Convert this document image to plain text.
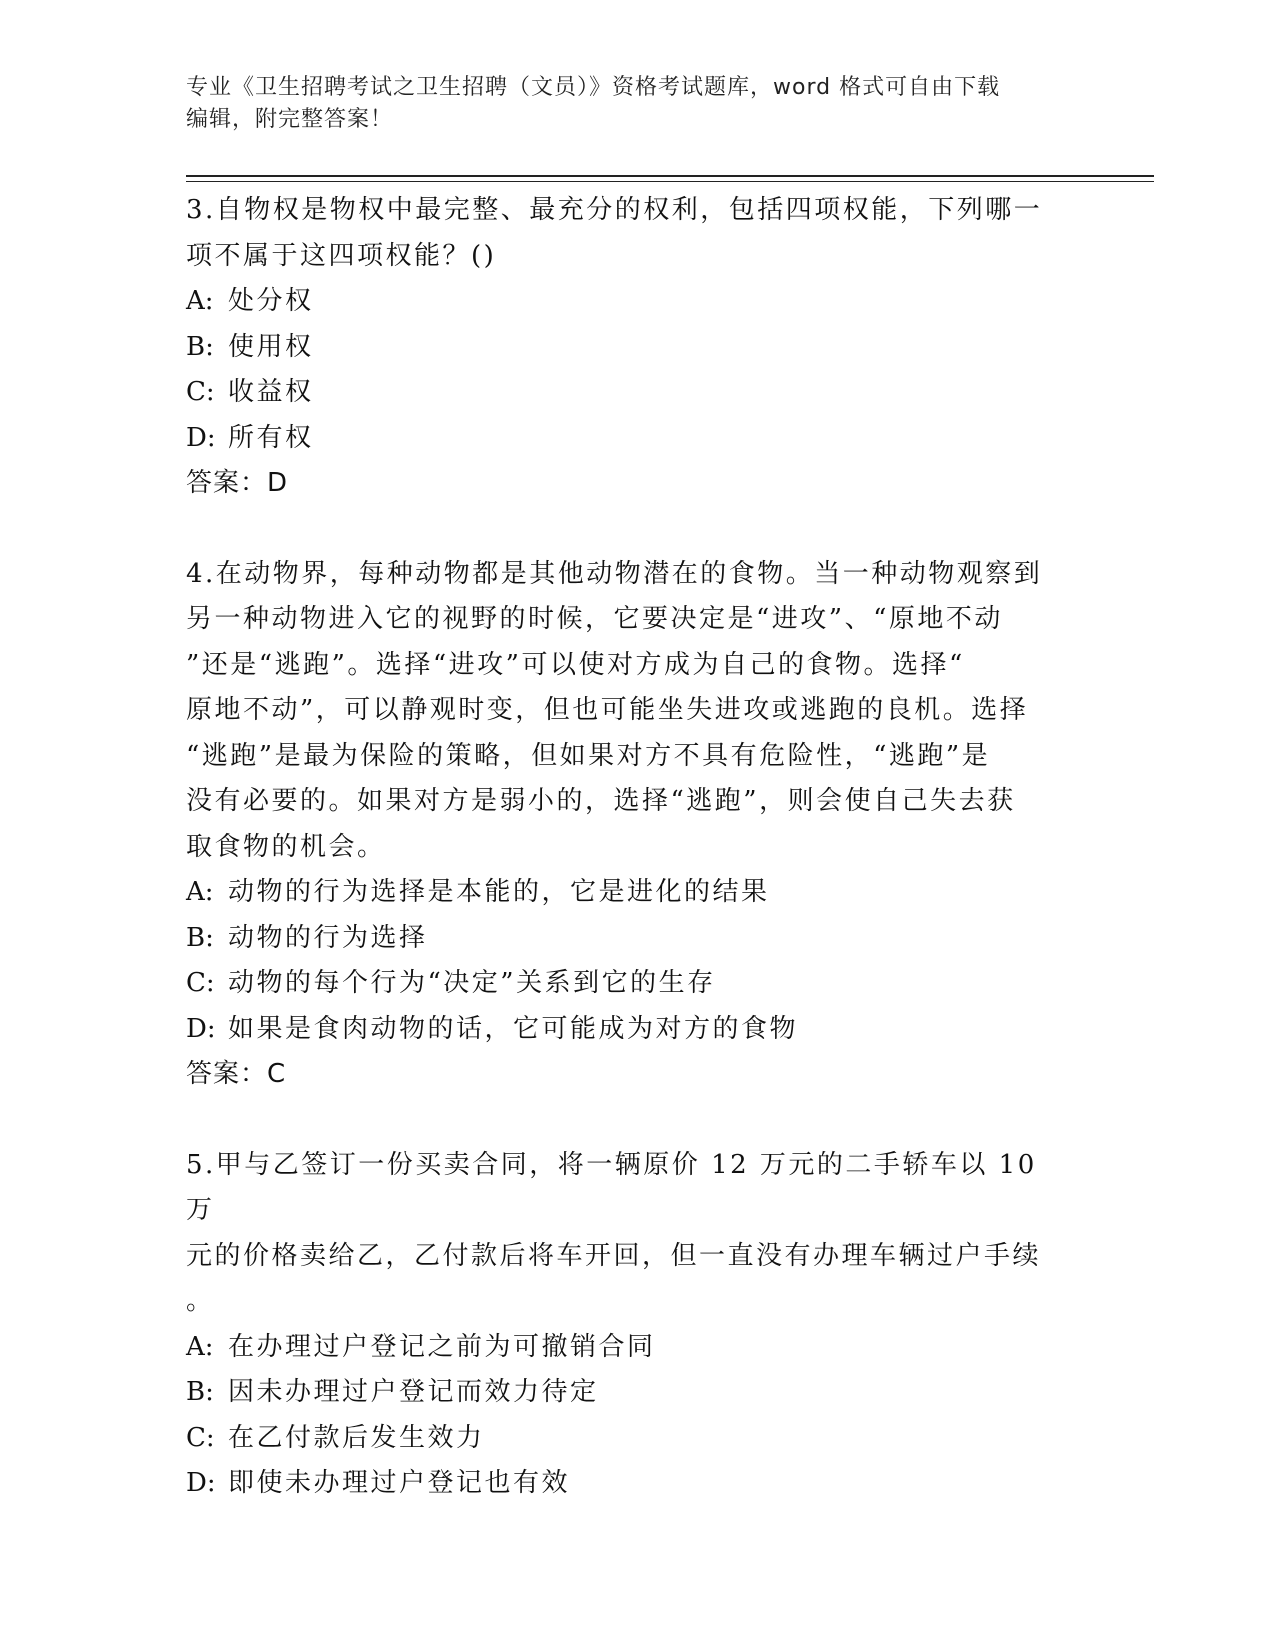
专业《卫生招聘考试之卫生招聘（文员）》资格考试题库，word 格式可自由下载
编辑，附完整答案！
3.自物权是物权中最完整、最充分的权利，包括四项权能，下列哪一
项不属于这四项权能？()
A: 处分权
B: 使用权
C: 收益权
D: 所有权
答案：D
4.在动物界，每种动物都是其他动物潜在的食物。当一种动物观察到
另一种动物进入它的视野的时候，它要决定是“进攻”、“原地不动
”还是“逃跑”。选择“进攻”可以使对方成为自己的食物。选择“
原地不动”，可以静观时变，但也可能坐失进攻或逃跑的良机。选择
“逃跑”是最为保险的策略，但如果对方不具有危险性，“逃跑”是
没有必要的。如果对方是弱小的，选择“逃跑”，则会使自己失去获
取食物的机会。
A: 动物的行为选择是本能的，它是进化的结果
B: 动物的行为选择
C: 动物的每个行为“决定”关系到它的生存
D: 如果是食肉动物的话，它可能成为对方的食物
答案：C
5.甲与乙签订一份买卖合同，将一辆原价 12 万元的二手轿车以 10 万
元的价格卖给乙，乙付款后将车开回，但一直没有办理车辆过户手续
。
A: 在办理过户登记之前为可撤销合同
B: 因未办理过户登记而效力待定
C: 在乙付款后发生效力
D: 即使未办理过户登记也有效
